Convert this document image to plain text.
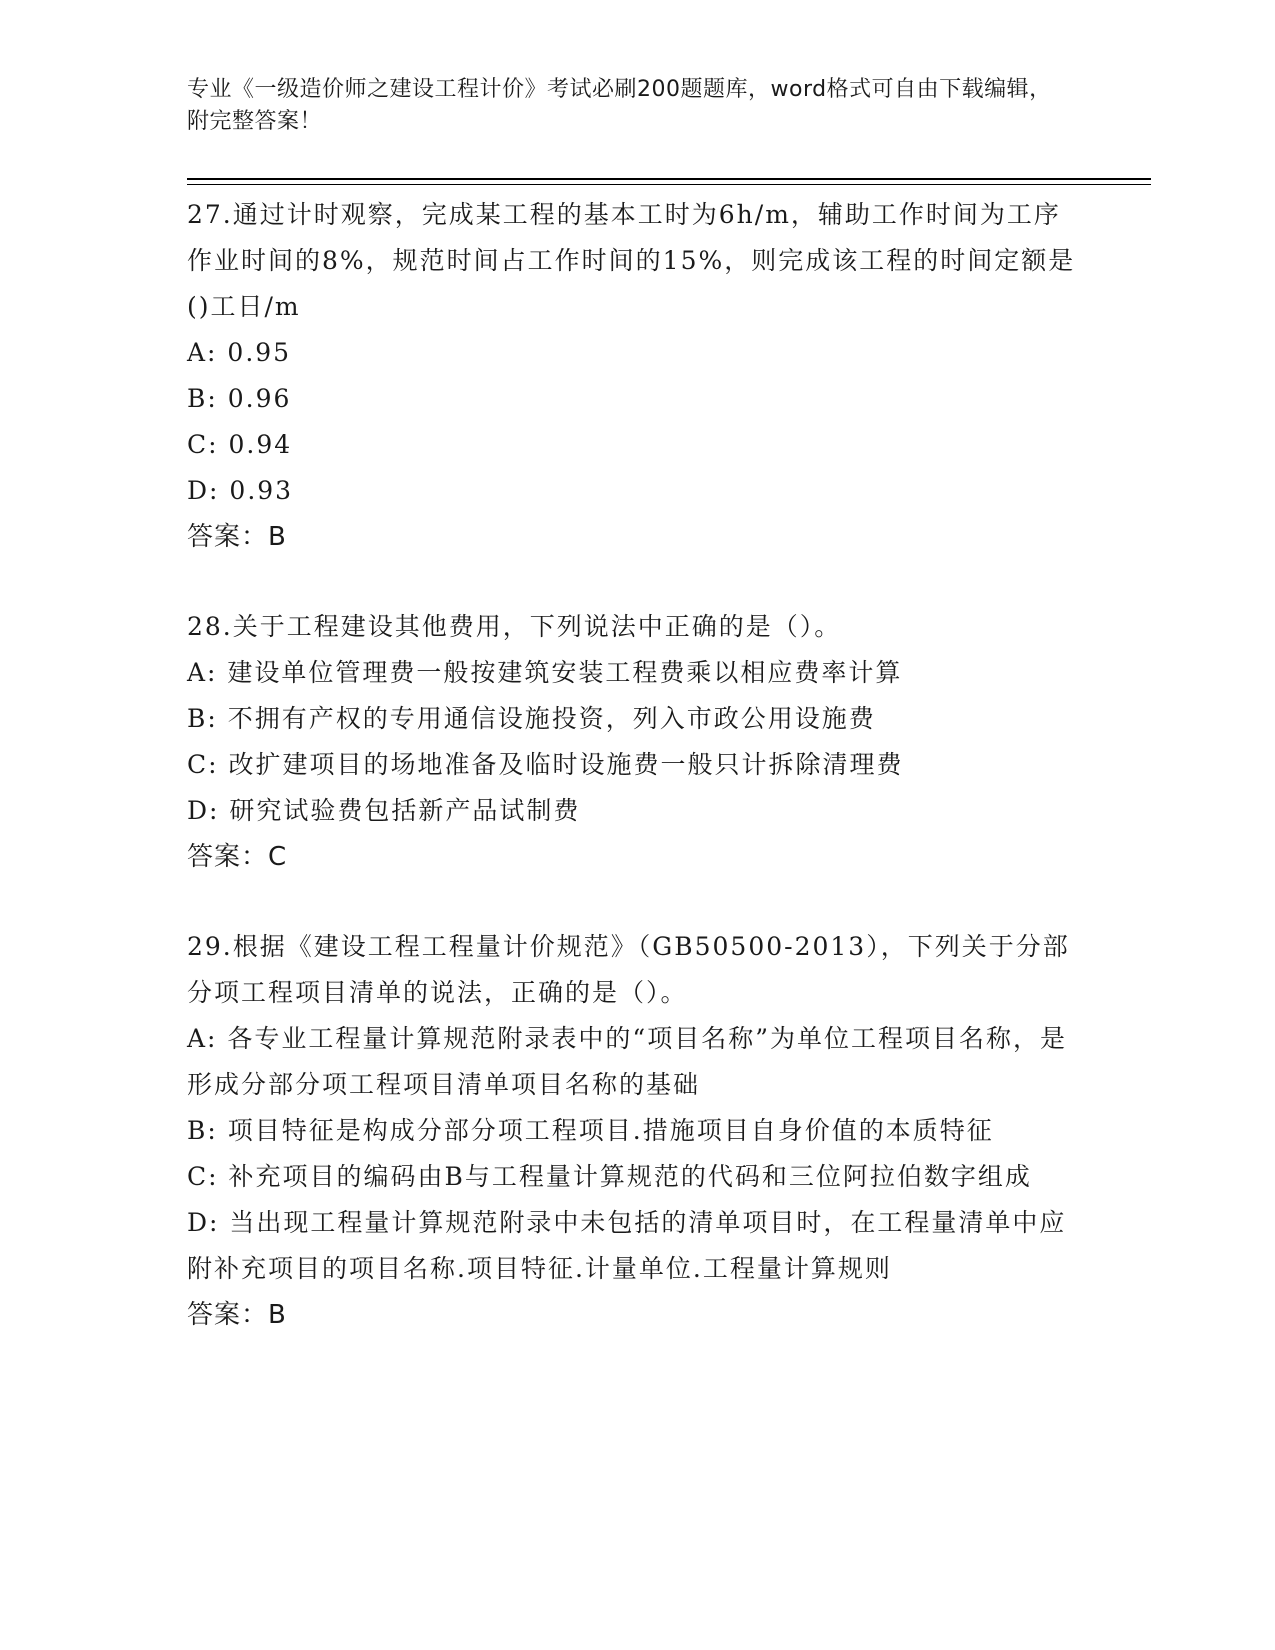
专业《一级造价师之建设工程计价》考试必刷200题题库，word格式可自由下载编辑，附完整答案！
27.通过计时观察，完成某工程的基本工时为6h/m，辅助工作时间为工序作业时间的8%，规范时间占工作时间的15%，则完成该工程的时间定额是()工日/m
A: 0.95
B: 0.96
C: 0.94
D: 0.93
答案：B
28.关于工程建设其他费用，下列说法中正确的是（）。
A: 建设单位管理费一般按建筑安装工程费乘以相应费率计算
B: 不拥有产权的专用通信设施投资，列入市政公用设施费
C: 改扩建项目的场地准备及临时设施费一般只计拆除清理费
D: 研究试验费包括新产品试制费
答案：C
29.根据《建设工程工程量计价规范》（GB50500-2013），下列关于分部分项工程项目清单的说法，正确的是（）。
A: 各专业工程量计算规范附录表中的“项目名称”为单位工程项目名称，是形成分部分项工程项目清单项目名称的基础
B: 项目特征是构成分部分项工程项目.措施项目自身价值的本质特征
C: 补充项目的编码由B与工程量计算规范的代码和三位阿拉伯数字组成
D: 当出现工程量计算规范附录中未包括的清单项目时，在工程量清单中应附补充项目的项目名称.项目特征.计量单位.工程量计算规则
答案：B
